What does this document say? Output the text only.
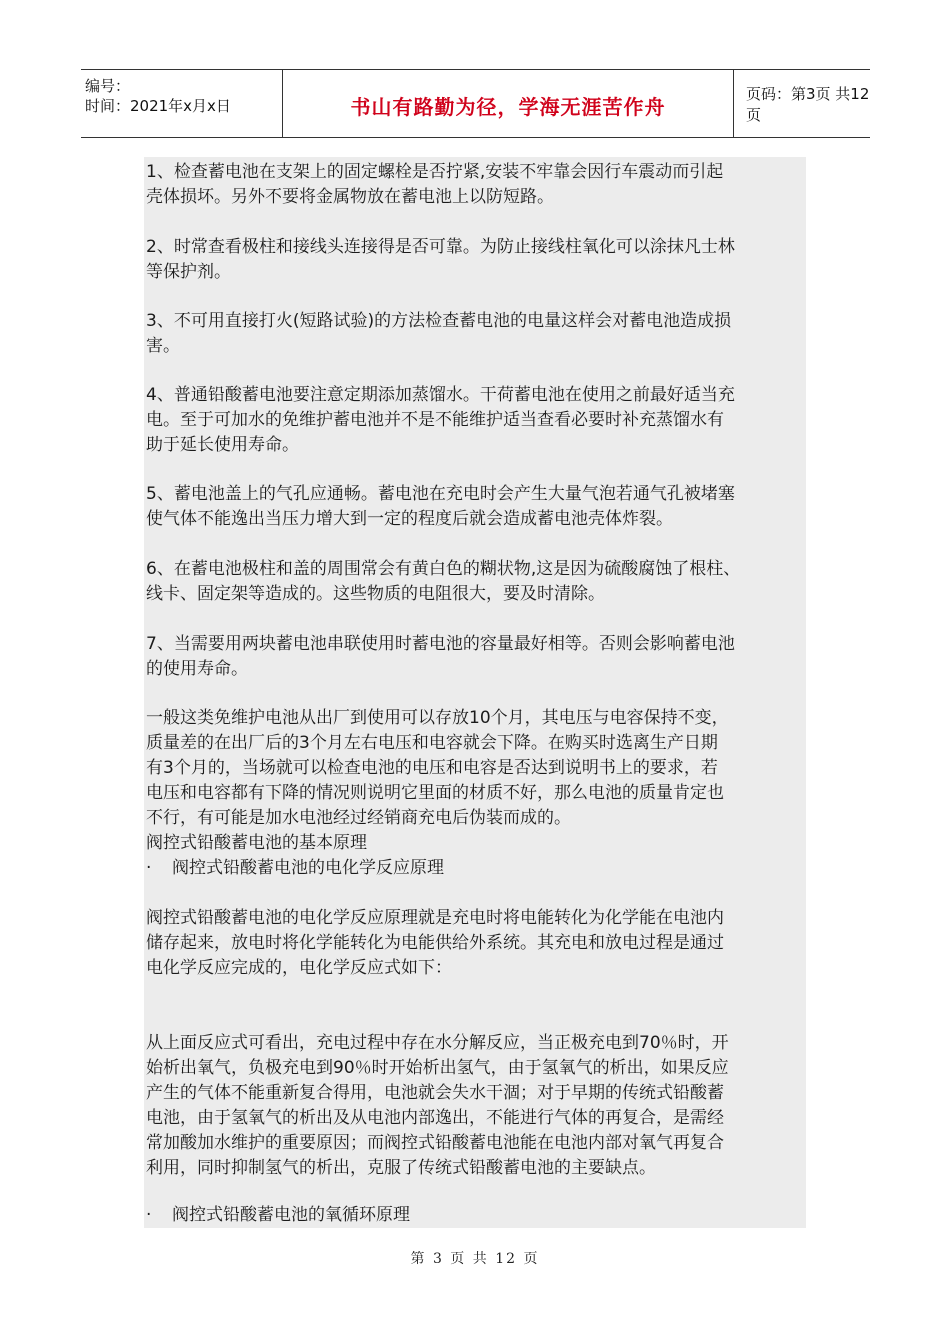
编号：
时间：2021年x月x日	书山有路勤为径，学海无涯苦作舟
页码：第3页 共12页
1、检查蓄电池在支架上的固定螺栓是否拧紧,安装不牢靠会因行车震动而引起
壳体损坏。另外不要将金属物放在蓄电池上以防短路。
2、时常查看极柱和接线头连接得是否可靠。为防止接线柱氧化可以涂抹凡士林
等保护剂。
3、不可用直接打火(短路试验)的方法检查蓄电池的电量这样会对蓄电池造成损
害。
4、普通铅酸蓄电池要注意定期添加蒸馏水。干荷蓄电池在使用之前最好适当充
电。至于可加水的免维护蓄电池并不是不能维护适当查看必要时补充蒸馏水有
助于延长使用寿命。
5、蓄电池盖上的气孔应通畅。蓄电池在充电时会产生大量气泡若通气孔被堵塞
使气体不能逸出当压力增大到一定的程度后就会造成蓄电池壳体炸裂。
6、在蓄电池极柱和盖的周围常会有黄白色的糊状物,这是因为硫酸腐蚀了根柱、
线卡、固定架等造成的。这些物质的电阻很大，要及时清除。
7、当需要用两块蓄电池串联使用时蓄电池的容量最好相等。否则会影响蓄电池
的使用寿命。
一般这类免维护电池从出厂到使用可以存放10个月，其电压与电容保持不变，
质量差的在出厂后的3个月左右电压和电容就会下降。在购买时选离生产日期
有3个月的，当场就可以检查电池的电压和电容是否达到说明书上的要求，若
电压和电容都有下降的情况则说明它里面的材质不好，那么电池的质量肯定也
不行，有可能是加水电池经过经销商充电后伪装而成的。
阀控式铅酸蓄电池的基本原理
· 阀控式铅酸蓄电池的电化学反应原理
阀控式铅酸蓄电池的电化学反应原理就是充电时将电能转化为化学能在电池内
储存起来，放电时将化学能转化为电能供给外系统。其充电和放电过程是通过
电化学反应完成的，电化学反应式如下：
从上面反应式可看出，充电过程中存在水分解反应，当正极充电到70％时，开
始析出氧气，负极充电到90％时开始析出氢气，由于氢氧气的析出，如果反应
产生的气体不能重新复合得用，电池就会失水干涸；对于早期的传统式铅酸蓄
电池，由于氢氧气的析出及从电池内部逸出，不能进行气体的再复合，是需经
常加酸加水维护的重要原因；而阀控式铅酸蓄电池能在电池内部对氧气再复合
利用，同时抑制氢气的析出，克服了传统式铅酸蓄电池的主要缺点。
· 阀控式铅酸蓄电池的氧循环原理
第 3 页 共 12 页
